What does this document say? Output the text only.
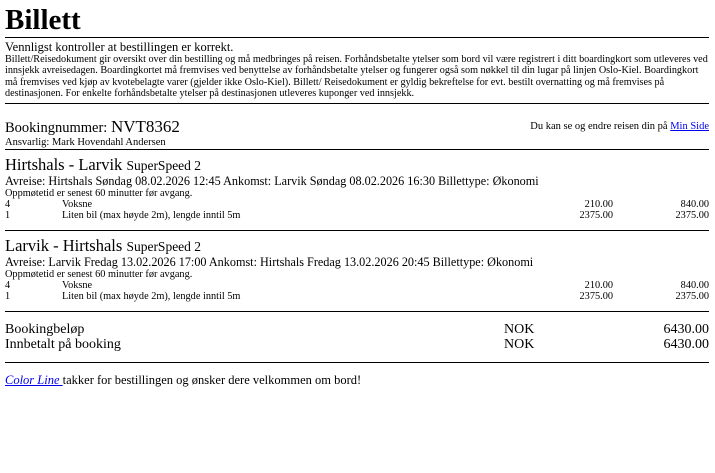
Billett
Vennligst kontroller at bestillingen er korrekt.
Billett/Reisedokument gir oversikt over din bestilling og må medbringes på reisen. Forhåndsbetalte ytelser som bord vil være registrert i ditt boardingkort som utleveres ved innsjekk avreisedagen. Boardingkortet må fremvises ved benyttelse av forhåndsbetalte ytelser og fungerer også som nøkkel til din lugar på linjen Oslo-Kiel. Boardingkort må fremvises ved kjøp av kvotebelagte varer (gjelder ikke Oslo-Kiel). Billett/ Reisedokument er gyldig bekreftelse for evt. bestilt overnatting og må fremvises på destinasjonen. For enkelte forhåndsbetalte ytelser på destinasjonen utleveres kuponger ved innsjekk.
Bookingnummer: NVT8362
Ansvarlig: Mark Hovendahl Andersen
Du kan se og endre reisen din på Min Side
Hirtshals - Larvik SuperSpeed 2
Avreise: Hirtshals Søndag 08.02.2026 12:45 Ankomst: Larvik Søndag 08.02.2026 16:30 Billettype: Økonomi
Oppmøtetid er senest 60 minutter før avgang.
4	Voksne	210.00	840.00
1	Liten bil (max høyde 2m), lengde inntil 5m	2375.00	2375.00
Larvik - Hirtshals SuperSpeed 2
Avreise: Larvik Fredag 13.02.2026 17:00 Ankomst: Hirtshals Fredag 13.02.2026 20:45 Billettype: Økonomi
Oppmøtetid er senest 60 minutter før avgang.
4	Voksne	210.00	840.00
1	Liten bil (max høyde 2m), lengde inntil 5m	2375.00	2375.00
Bookingbeløp	NOK	6430.00
Innbetalt på booking	NOK	6430.00
Color Line takker for bestillingen og ønsker dere velkommen om bord!
